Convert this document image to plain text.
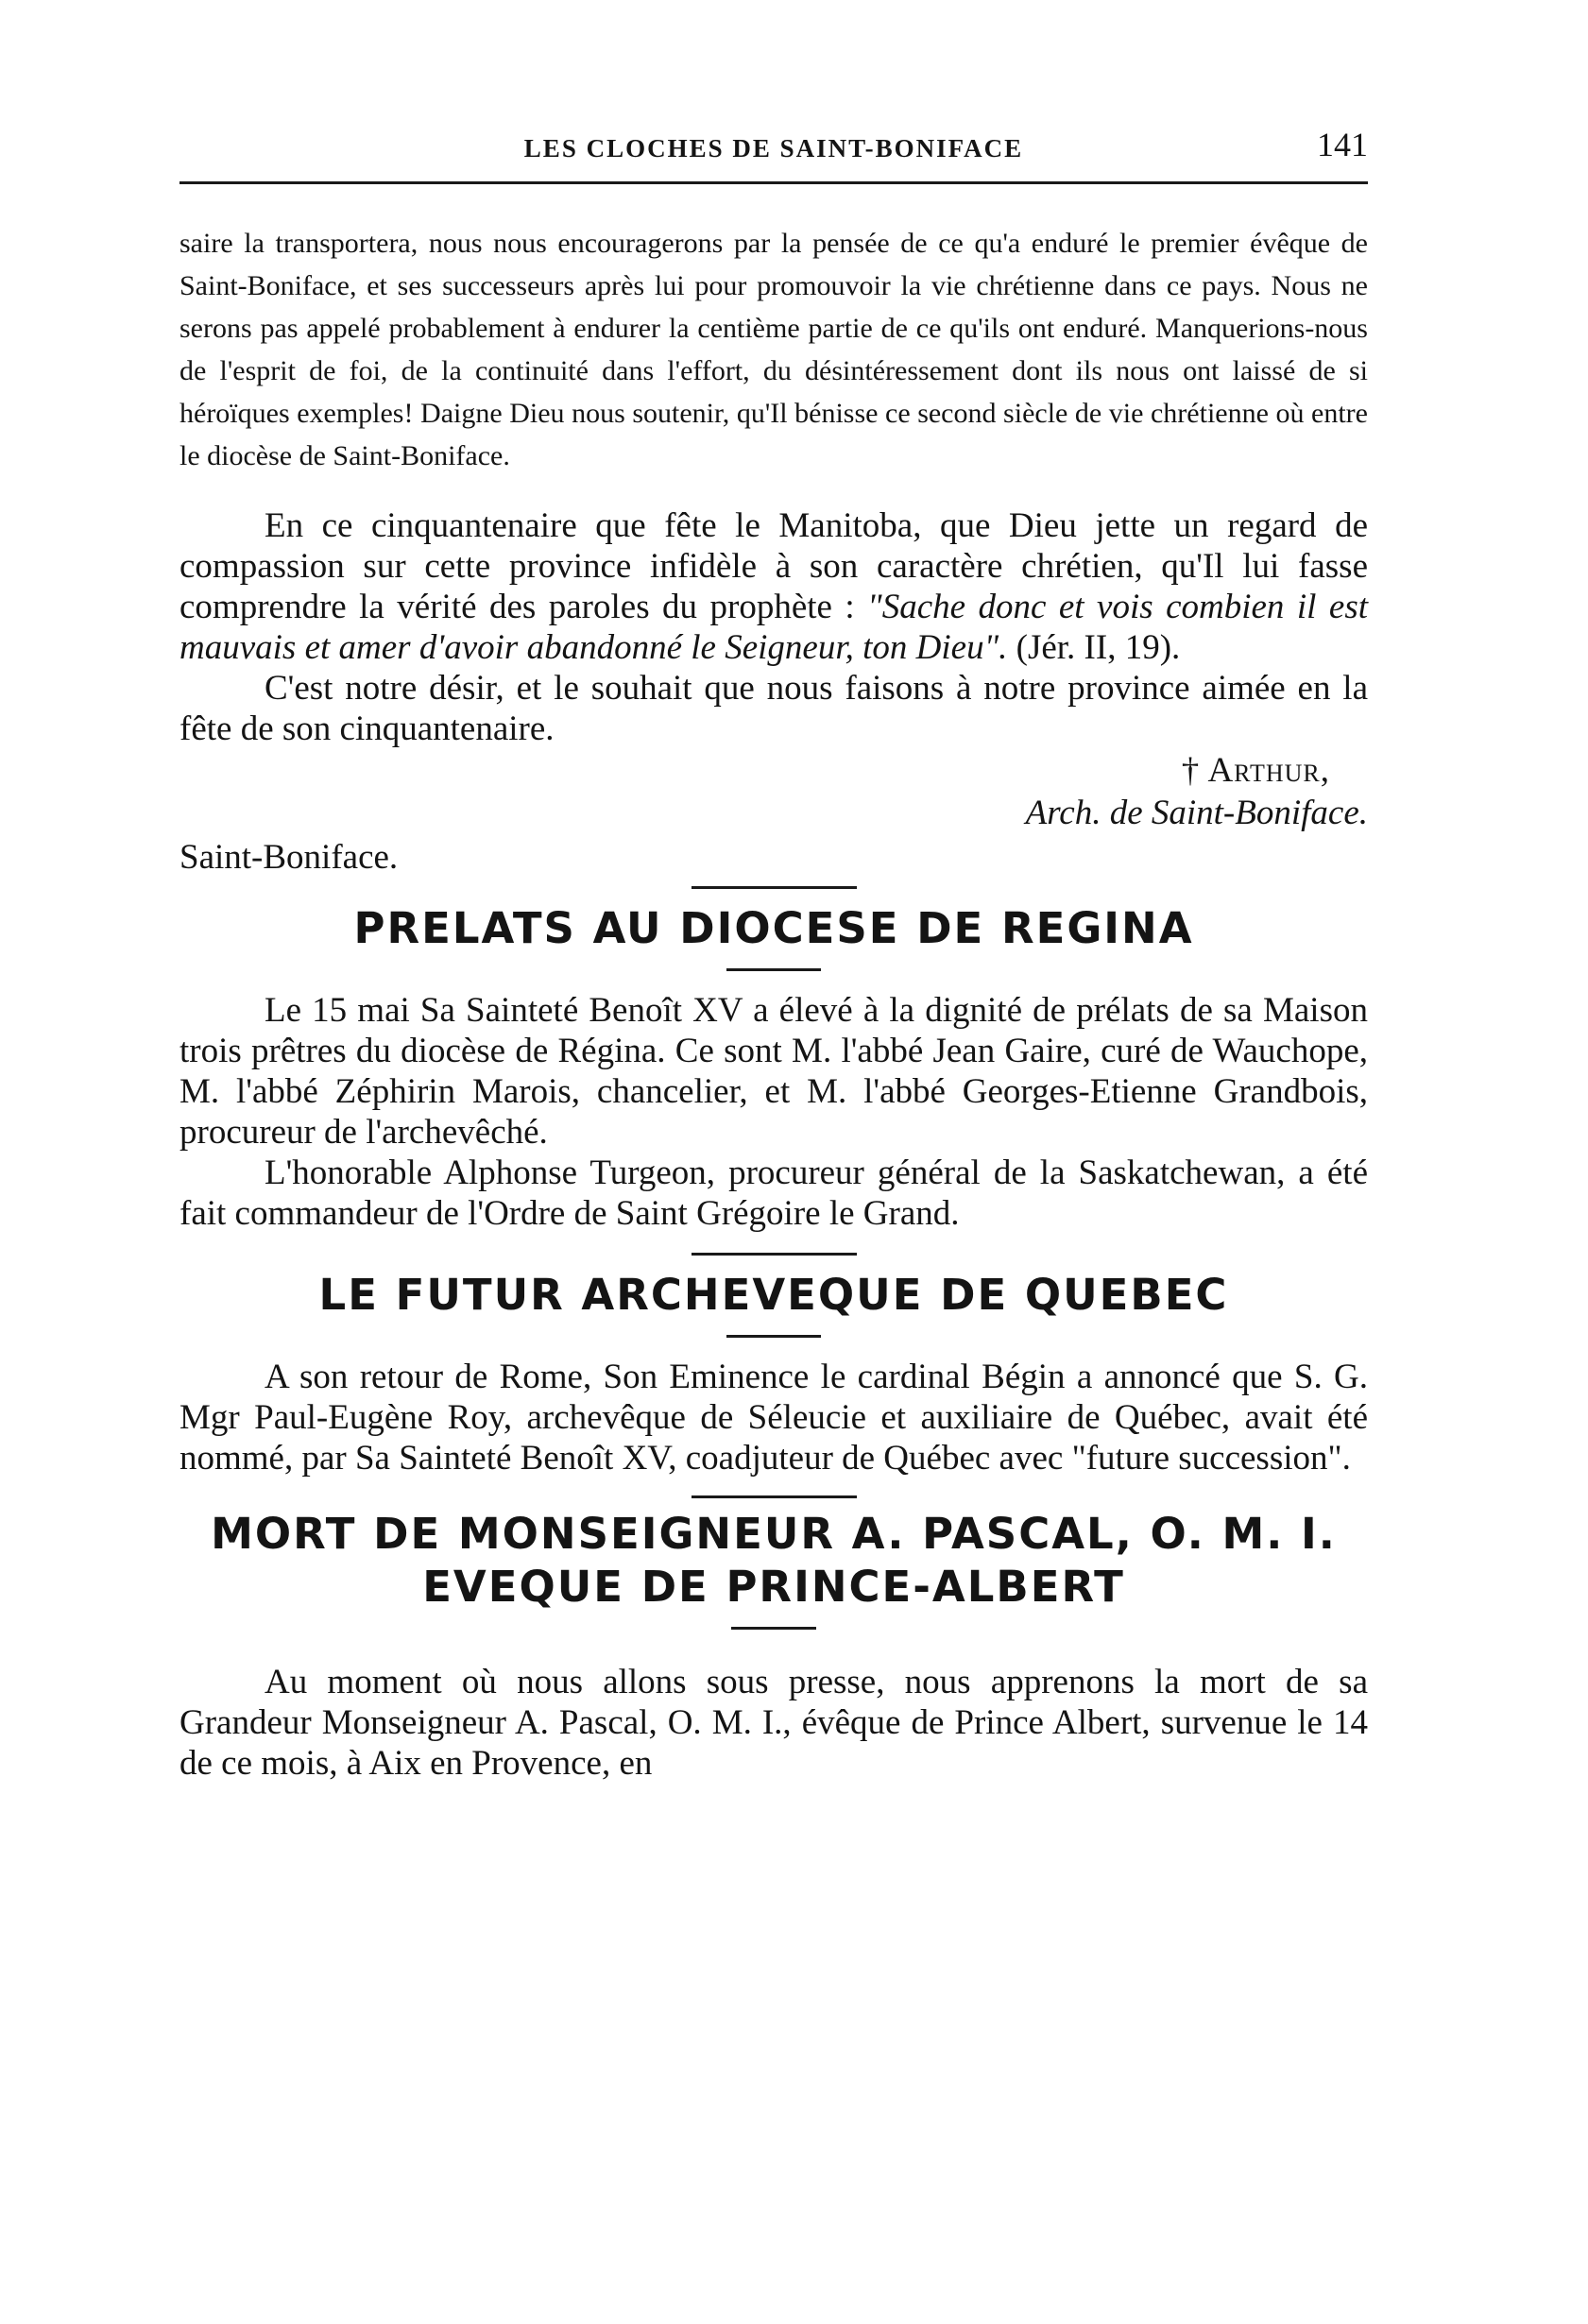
LES CLOCHES DE SAINT-BONIFACE	141

saire la transportera, nous nous encouragerons par la pensée de ce qu'a enduré le premier évêque de Saint-Boniface, et ses successeurs après lui pour promouvoir la vie chrétienne dans ce pays. Nous ne serons pas appelé probablement à endurer la centième partie de ce qu'ils ont enduré. Manquerions-nous de l'esprit de foi, de la continuité dans l'effort, du désintéressement dont ils nous ont laissé de si héroïques exemples! Daigne Dieu nous soutenir, qu'Il bénisse ce second siècle de vie chrétienne où entre le diocèse de Saint-Boniface.

En ce cinquantenaire que fête le Manitoba, que Dieu jette un regard de compassion sur cette province infidèle à son caractère chrétien, qu'Il lui fasse comprendre la vérité des paroles du prophète : "Sache donc et vois combien il est mauvais et amer d'avoir abandonné le Seigneur, ton Dieu". (Jér. II, 19).

C'est notre désir, et le souhait que nous faisons à notre province aimée en la fête de son cinquantenaire.

† Arthur,
Arch. de Saint-Boniface.
Saint-Boniface.
PRELATS AU DIOCESE DE REGINA

Le 15 mai Sa Sainteté Benoît XV a élevé à la dignité de prélats de sa Maison trois prêtres du diocèse de Régina. Ce sont M. l'abbé Jean Gaire, curé de Wauchope, M. l'abbé Zéphirin Marois, chancelier, et M. l'abbé Georges-Etienne Grandbois, procureur de l'archevêché.

L'honorable Alphonse Turgeon, procureur général de la Saskatchewan, a été fait commandeur de l'Ordre de Saint Grégoire le Grand.

LE FUTUR ARCHEVEQUE DE QUEBEC

A son retour de Rome, Son Eminence le cardinal Bégin a annoncé que S. G. Mgr Paul-Eugène Roy, archevêque de Séleucie et auxiliaire de Québec, avait été nommé, par Sa Sainteté Benoît XV, coadjuteur de Québec avec "future succession".

MORT DE MONSEIGNEUR A. PASCAL, O. M. I.
EVEQUE DE PRINCE-ALBERT

Au moment où nous allons sous presse, nous apprenons la mort de sa Grandeur Monseigneur A. Pascal, O. M. I., évêque de Prince Albert, survenue le 14 de ce mois, à Aix en Provence, en
